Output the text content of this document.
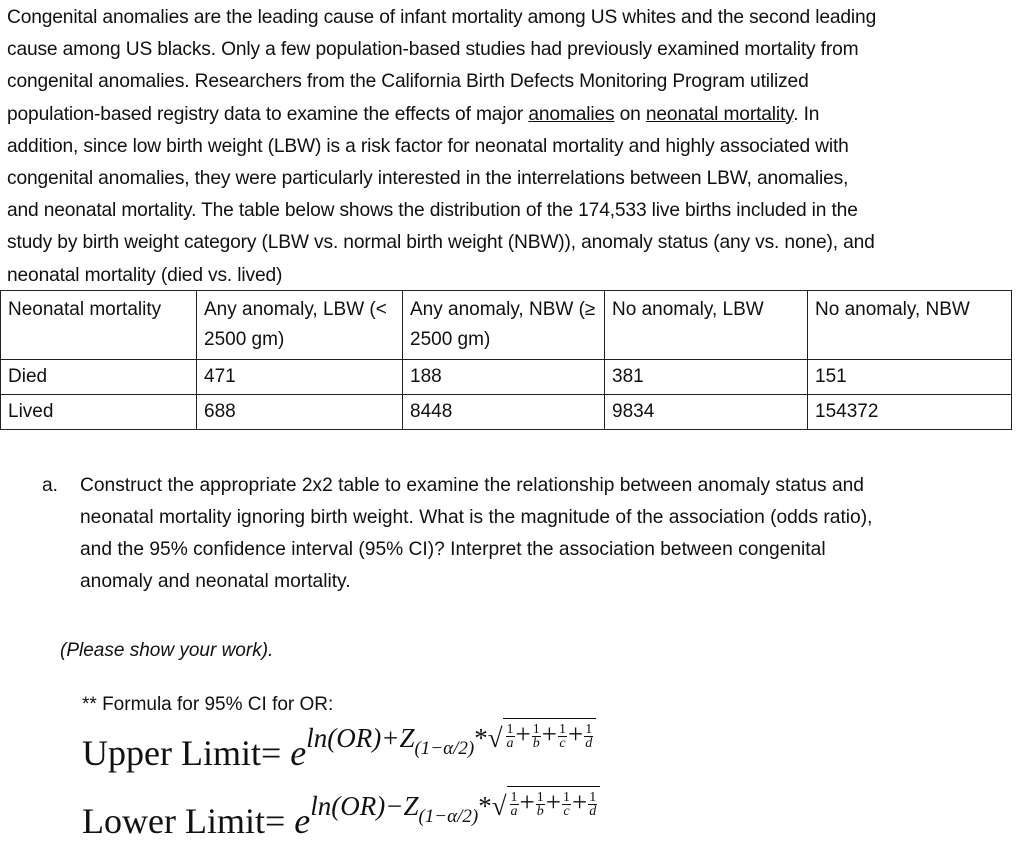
Congenital anomalies are the leading cause of infant mortality among US whites and the second leading
cause among US blacks. Only a few population-based studies had previously examined mortality from
congenital anomalies. Researchers from the California Birth Defects Monitoring Program utilized
population-based registry data to examine the effects of major anomalies on neonatal mortality. In
addition, since low birth weight (LBW) is a risk factor for neonatal mortality and highly associated with
congenital anomalies, they were particularly interested in the interrelations between LBW, anomalies,
and neonatal mortality. The table below shows the distribution of the 174,533 live births included in the
study by birth weight category (LBW vs. normal birth weight (NBW)), anomaly status (any vs. none), and
neonatal mortality (died vs. lived)
Neonatal mortality	Any anomaly, LBW (< 2500 gm)	Any anomaly, NBW (≥ 2500 gm)	No anomaly, LBW	No anomaly, NBW
Died	471	188	381	151
Lived	688	8448	9834	154372
a. Construct the appropriate 2x2 table to examine the relationship between anomaly status and
neonatal mortality ignoring birth weight. What is the magnitude of the association (odds ratio),
and the 95% confidence interval (95% CI)? Interpret the association between congenital
anomaly and neonatal mortality.
(Please show your work).
** Formula for 95% CI for OR:
Upper Limit= $e^{ln(OR)+Z_{(1-\alpha/2)}*√ \frac{1}{a} + \frac{1}{b} + \frac{1}{c} + \frac{1}{d}}$
Lower Limit= $e^{ln(OR)-Z_{(1-\alpha/2)}*√ \frac{1}{a} + \frac{1}{b} + \frac{1}{c} + \frac{1}{d}}$
